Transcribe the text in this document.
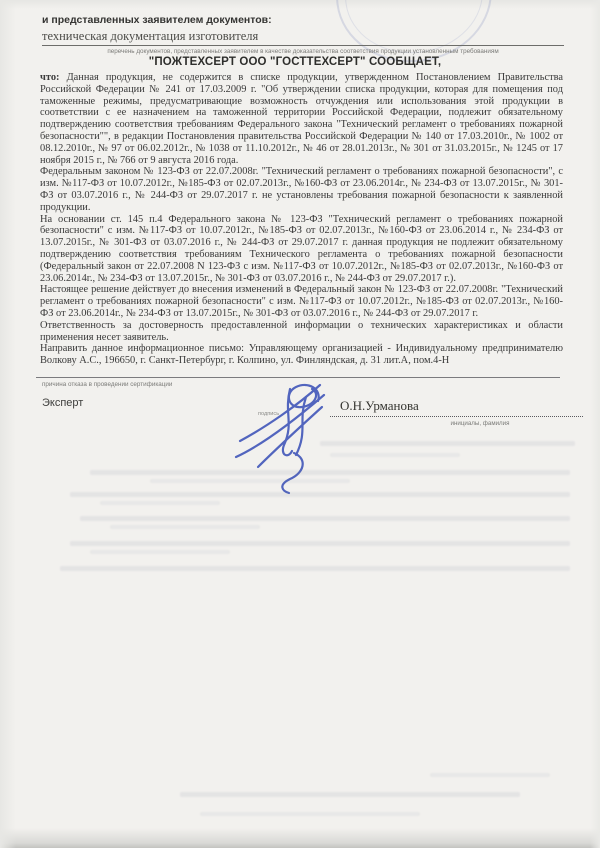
и представленных заявителем документов:
техническая документация изготовителя
перечень документов, представленных заявителем в качестве доказательства соответствия продукции установленным требованиям
"ПОЖТЕХСЕРТ ООО "ГОСТТЕХСЕРТ" СООБЩАЕТ,

что: Данная продукция, не содержится в списке продукции, утвержденном Постановлением Правительства Российской Федерации № 241 от 17.03.2009 г. "Об утверждении списка продукции, которая для помещения под таможенные режимы, предусматривающие возможность отчуждения или использования этой продукции в соответствии с ее назначением на таможенной территории Российской Федерации, подлежит обязательному подтверждению соответствия требованиям Федерального закона "Технический регламент о требованиях пожарной безопасности"", в редакции Постановления правительства Российской Федерации № 140 от 17.03.2010г., № 1002 от 08.12.2010г., № 97 от 06.02.2012г., № 1038 от 11.10.2012г., № 46 от 28.01.2013г., № 301 от 31.03.2015г., № 1245 от 17 ноября 2015 г., № 766 от 9 августа 2016 года.

Федеральным законом № 123-ФЗ от 22.07.2008г. "Технический регламент о требованиях пожарной безопасности", с изм. №117-ФЗ от 10.07.2012г., №185-ФЗ от 02.07.2013г., №160-ФЗ от 23.06.2014г., № 234-ФЗ от 13.07.2015г., № 301-ФЗ от 03.07.2016 г., № 244-ФЗ от 29.07.2017 г. не установлены требования пожарной безопасности к заявленной продукции.

На основании ст. 145 п.4 Федерального закона № 123-ФЗ "Технический регламент о требованиях пожарной безопасности" с изм. №117-ФЗ от 10.07.2012г., №185-ФЗ от 02.07.2013г., №160-ФЗ от 23.06.2014 г., № 234-ФЗ от 13.07.2015г., № 301-ФЗ от 03.07.2016 г., № 244-ФЗ от 29.07.2017 г. данная продукция не подлежит обязательному подтверждению соответствия требованиям Технического регламента о требованиях пожарной безопасности (Федеральный закон от 22.07.2008 N 123-ФЗ с изм. №117-ФЗ от 10.07.2012г., №185-ФЗ от 02.07.2013г., №160-ФЗ от 23.06.2014г., № 234-ФЗ от 13.07.2015г., № 301-ФЗ от 03.07.2016 г., № 244-ФЗ от 29.07.2017 г.).

Настоящее решение действует до внесения изменений в Федеральный закон № 123-ФЗ от 22.07.2008г. "Технический регламент о требованиях пожарной безопасности" с изм. №117-ФЗ от 10.07.2012г., №185-ФЗ от 02.07.2013г., №160-ФЗ от 23.06.2014г., № 234-ФЗ от 13.07.2015г., № 301-ФЗ от 03.07.2016 г., № 244-ФЗ от 29.07.2017 г.

Ответственность за достоверность предоставленной информации о технических характеристиках и области применения несет заявитель.

Направить данное информационное письмо: Управляющему организацией - Индивидуальному предпринимателю Волкову А.С., 196650, г. Санкт-Петербург, г. Колпино, ул. Финляндская, д. 31 лит.А, пом.4-Н

причина отказа в проведении сертификации
Эксперт
подпись
О.Н.Урманова
инициалы, фамилия
